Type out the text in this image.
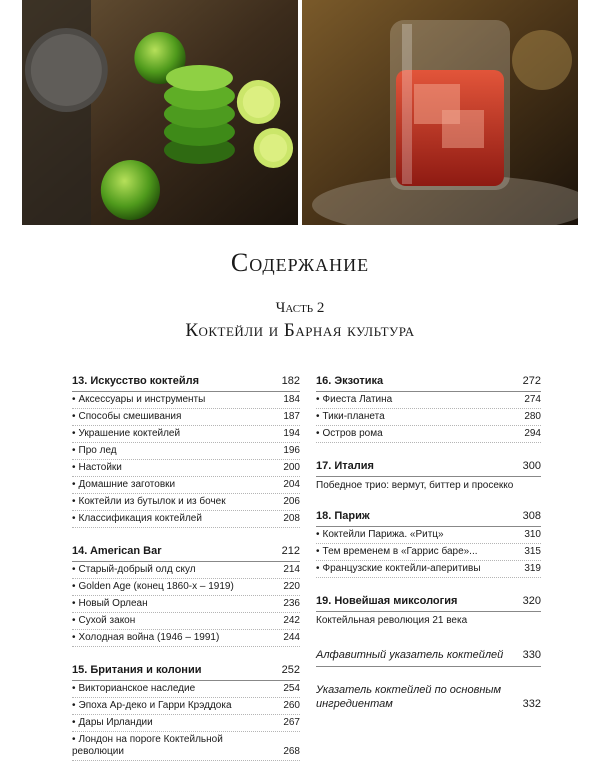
Содержание
Часть 2
Коктейли и Барная культура
13. Искусство коктейля	182
• Аксессуары и инструменты	184
• Способы смешивания	187
• Украшение коктейлей	194
• Про лед	196
• Настойки	200
• Домашние заготовки	204
• Коктейли из бутылок и из бочек	206
• Классификация коктейлей	208
14. American Bar	212
• Старый-добрый олд скул	214
• Golden Age (конец 1860-х – 1919)	220
• Новый Орлеан	236
• Сухой закон	242
• Холодная война (1946 – 1991)	244
15. Британия и колонии	252
• Викторианское наследие	254
• Эпоха Ар-деко и Гарри Крэддока	260
• Дары Ирландии	267
• Лондон на пороге Коктейльной революции	268
16. Экзотика	272
• Фиеста Латина	274
• Тики-планета	280
• Остров рома	294
17. Италия	300
Победное трио: вермут, биттер и просекко
18. Париж	308
• Коктейли Парижа. «Ритц»	310
• Тем временем в «Гаррис баре»...	315
• Французские коктейли-аперитивы	319
19. Новейшая миксология	320
Коктейльная революция 21 века
Алфавитный указатель коктейлей 330
Указатель коктейлей по основным ингредиентам	332
